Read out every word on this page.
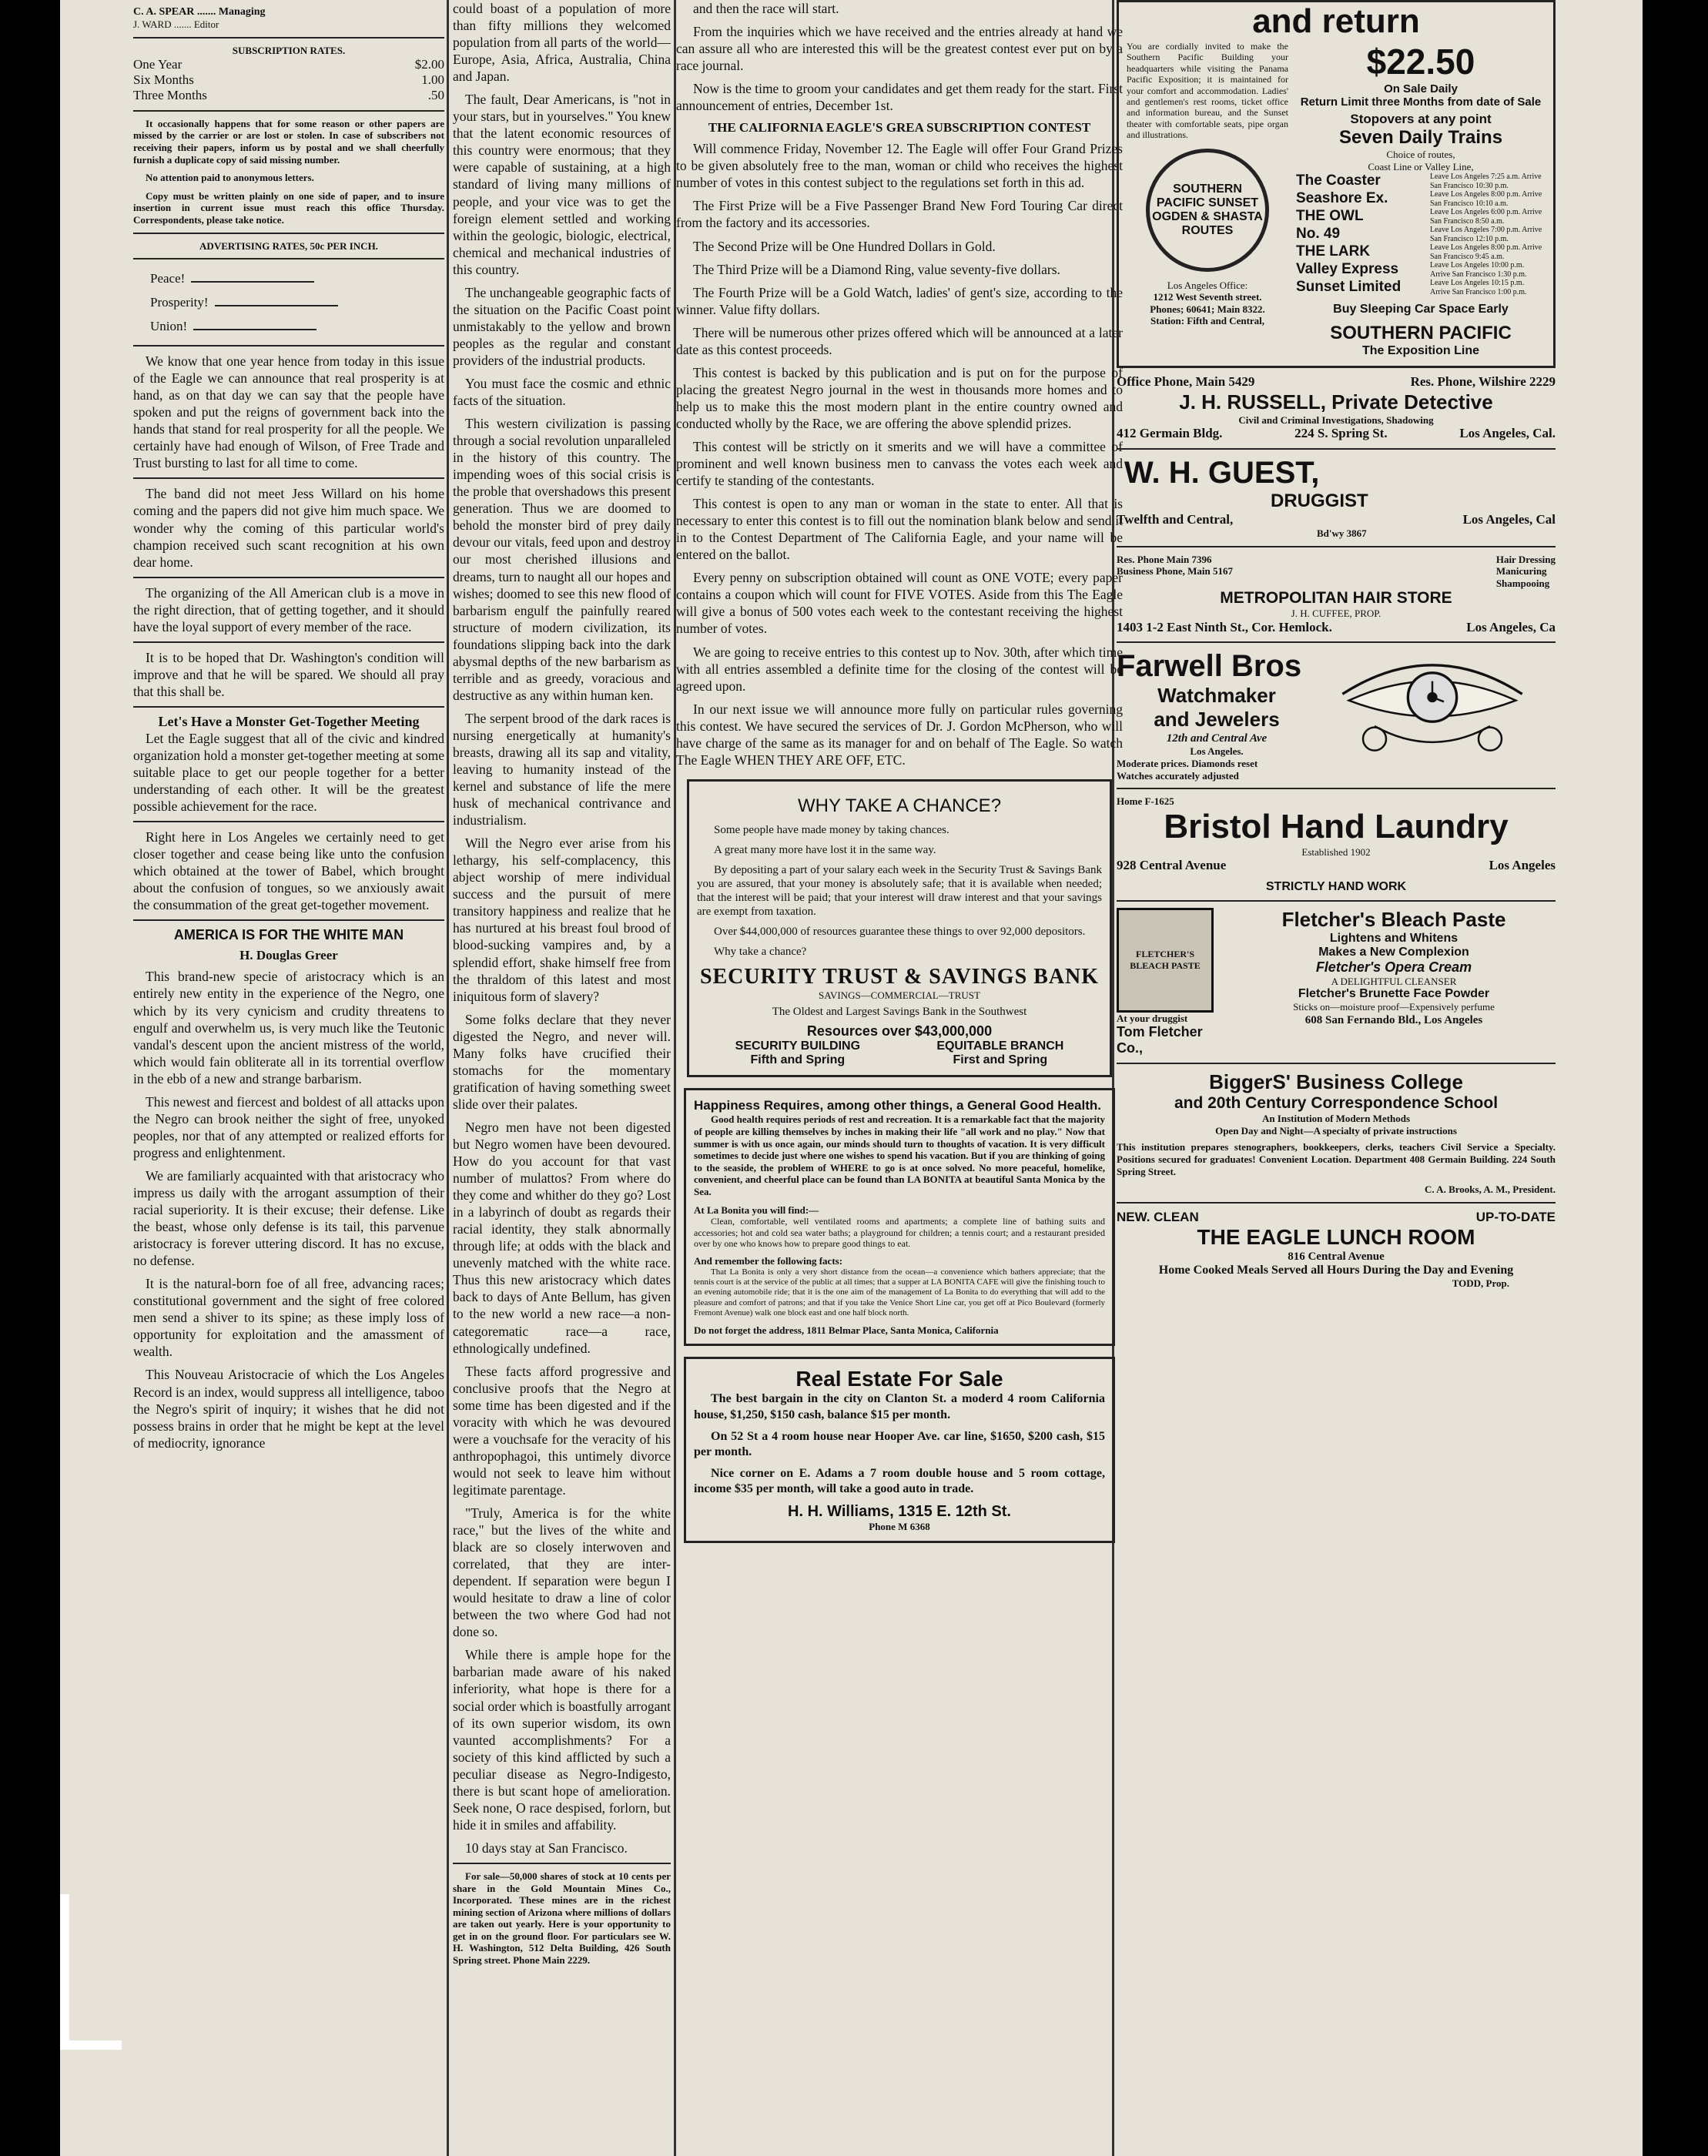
C. A. SPEAR ....... Managing
J. WARD ....... Editor
SUBSCRIPTION RATES.
One Year	$2.00
Six Months	1.00
Three Months	.50

It occasionally happens that for some reason or other papers are missed by the carrier or are lost or stolen. In case of subscribers not receiving their papers, inform us by postal and we shall cheerfully furnish a duplicate copy of said missing number.

No attention paid to anonymous letters.

Copy must be written plainly on one side of paper, and to insure insertion in current issue must reach this office Thursday. Correspondents, please take notice.

ADVERTISING RATES, 50c PER INCH.
Peace!
Prosperity!
Union!

We know that one year hence from today in this issue of the Eagle we can announce that real prosperity is at hand, as on that day we can say that the people have spoken and put the reigns of government back into the hands that stand for real prosperity for all the people. We certainly have had enough of Wilson, of Free Trade and Trust bursting to last for all time to come.

The band did not meet Jess Willard on his home coming and the papers did not give him much space. We wonder why the coming of this particular world's champion received such scant recognition at his own dear home.

The organizing of the All American club is a move in the right direction, that of getting together, and it should have the loyal support of every member of the race.

It is to be hoped that Dr. Washington's condition will improve and that he will be spared. We should all pray that this shall be.

Let's Have a Monster Get-Together Meeting

Let the Eagle suggest that all of the civic and kindred organization hold a monster get-together meeting at some suitable place to get our people together for a better understanding of each other. It will be the greatest possible achievement for the race.

Right here in Los Angeles we certainly need to get closer together and cease being like unto the confusion which obtained at the tower of Babel, which brought about the confusion of tongues, so we anxiously await the consummation of the great get-together movement.

AMERICA IS FOR THE WHITE MAN
H. Douglas Greer

This brand-new specie of aristocracy which is an entirely new entity in the experience of the Negro, one which by its very cynicism and crudity threatens to engulf and overwhelm us, is very much like the Teutonic vandal's descent upon the ancient mistress of the world, which would fain obliterate all in its torrential overflow in the ebb of a new and strange barbarism.

This newest and fiercest and boldest of all attacks upon the Negro can brook neither the sight of free, unyoked peoples, nor that of any attempted or realized efforts for progress and enlightenment.

We are familiarly acquainted with that aristocracy who impress us daily with the arrogant assumption of their racial superiority. It is their excuse; their defense. Like the beast, whose only defense is its tail, this parvenue aristocracy is forever uttering discord. It has no excuse, no defense.

It is the natural-born foe of all free, advancing races; constitutional government and the sight of free colored men send a shiver to its spine; as these imply loss of opportunity for exploitation and the amassment of wealth.

This Nouveau Aristocracie of which the Los Angeles Record is an index, would suppress all intelligence, taboo the Negro's spirit of inquiry; it wishes that he did not possess brains in order that he might be kept at the level of mediocrity, ignorance

could boast of a population of more than fifty millions they welcomed population from all parts of the world—Europe, Asia, Africa, Australia, China and Japan.

The fault, Dear Americans, is "not in your stars, but in yourselves." You knew that the latent economic resources of this country were enormous; that they were capable of sustaining, at a high standard of living many millions of people, and your vice was to get the foreign element settled and working within the geologic, biologic, electrical, chemical and mechanical industries of this country.

The unchangeable geographic facts of the situation on the Pacific Coast point unmistakably to the yellow and brown peoples as the regular and constant providers of the industrial products.

You must face the cosmic and ethnic facts of the situation.

This western civilization is passing through a social revolution unparalleled in the history of this country. The impending woes of this social crisis is the proble that overshadows this present generation. Thus we are doomed to behold the monster bird of prey daily devour our vitals, feed upon and destroy our most cherished illusions and dreams, turn to naught all our hopes and wishes; doomed to see this new flood of barbarism engulf the painfully reared structure of modern civilization, its foundations slipping back into the dark abysmal depths of the new barbarism as terrible and as greedy, voracious and destructive as any within human ken.

The serpent brood of the dark races is nursing energetically at humanity's breasts, drawing all its sap and vitality, leaving to humanity instead of the kernel and substance of life the mere husk of mechanical contrivance and industrialism.

Will the Negro ever arise from his lethargy, his self-complacency, this abject worship of mere individual success and the pursuit of mere transitory happiness and realize that he has nurtured at his breast foul brood of blood-sucking vampires and, by a splendid effort, shake himself free from the thraldom of this latest and most iniquitous form of slavery?

Some folks declare that they never digested the Negro, and never will. Many folks have crucified their stomachs for the momentary gratification of having something sweet slide over their palates.

Negro men have not been digested but Negro women have been devoured. How do you account for that vast number of mulattos? From where do they come and whither do they go? Lost in a labyrinch of doubt as regards their racial identity, they stalk abnormally through life; at odds with the black and unevenly matched with the white race. Thus this new aristocracy which dates back to days of Ante Bellum, has given to the new world a new race—a non-categorematic race—a race, ethnologically undefined.

These facts afford progressive and conclusive proofs that the Negro at some time has been digested and if the voracity with which he was devoured were a vouchsafe for the veracity of his anthropophagoi, this untimely divorce would not seek to leave him without legitimate parentage.

"Truly, America is for the white race," but the lives of the white and black are so closely interwoven and correlated, that they are inter-dependent. If separation were begun I would hesitate to draw a line of color between the two where God had not done so.

While there is ample hope for the barbarian made aware of his naked inferiority, what hope is there for a social order which is boastfully arrogant of its own superior wisdom, its own vaunted accomplishments? For a society of this kind afflicted by such a peculiar disease as Negro-Indigesto, there is but scant hope of amelioration. Seek none, O race despised, forlorn, but hide it in smiles and affability.

10 days stay at San Francisco.

For sale—50,000 shares of stock at 10 cents per share in the Gold Mountain Mines Co., Incorporated. These mines are in the richest mining section of Arizona where millions of dollars are taken out yearly. Here is your opportunity to get in on the ground floor. For particulars see W. H. Washington, 512 Delta Building, 426 South Spring street. Phone Main 2229.

and then the race will start.

From the inquiries which we have received and the entries already at hand we can assure all who are interested this will be the greatest contest ever put on by a race journal.

Now is the time to groom your candidates and get them ready for the start. First announcement of entries, December 1st.

THE CALIFORNIA EAGLE'S GREA SUBSCRIPTION CONTEST

Will commence Friday, November 12. The Eagle will offer Four Grand Prizes to be given absolutely free to the man, woman or child who receives the highest number of votes in this contest subject to the regulations set forth in this ad.

The First Prize will be a Five Passenger Brand New Ford Touring Car direct from the factory and its accessories.

The Second Prize will be One Hundred Dollars in Gold.

The Third Prize will be a Diamond Ring, value seventy-five dollars.

The Fourth Prize will be a Gold Watch, ladies' of gent's size, according to the winner. Value fifty dollars.

There will be numerous other prizes offered which will be announced at a later date as this contest proceeds.

This contest is backed by this publication and is put on for the purpose of placing the greatest Negro journal in the west in thousands more homes and to help us to make this the most modern plant in the entire country owned and conducted wholly by the Race, we are offering the above splendid prizes.

This contest will be strictly on it smerits and we will have a committee of prominent and well known business men to canvass the votes each week and certify te standing of the contestants.

This contest is open to any man or woman in the state to enter. All that is necessary to enter this contest is to fill out the nomination blank below and send it in to the Contest Department of The California Eagle, and your name will be entered on the ballot.

Every penny on subscription obtained will count as ONE VOTE; every paper contains a coupon which will count for FIVE VOTES. Aside from this The Eagle will give a bonus of 500 votes each week to the contestant receiving the highest number of votes.

We are going to receive entries to this contest up to Nov. 30th, after which time with all entries assembled a definite time for the closing of the contest will be agreed upon.

In our next issue we will announce more fully on particular rules governing this contest. We have secured the services of Dr. J. Gordon McPherson, who will have charge of the same as its manager for and on behalf of The Eagle. So watch The Eagle WHEN THEY ARE OFF, ETC.

WHY TAKE A CHANCE?

Some people have made money by taking chances.

A great many more have lost it in the same way.

By depositing a part of your salary each week in the Security Trust & Savings Bank you are assured, that your money is absolutely safe; that it is available when needed; that the interest will be paid; that your interest will draw interest and that your savings are exempt from taxation.

Over $44,000,000 of resources guarantee these things to over 92,000 depositors.

Why take a chance?

SECURITY TRUST & SAVINGS BANK
SAVINGS—COMMERCIAL—TRUST
The Oldest and Largest Savings Bank in the Southwest
Resources over $43,000,000
SECURITY BUILDING
Fifth and Spring
EQUITABLE BRANCH
First and Spring
Happiness Requires, among other things, a General Good Health.

Good health requires periods of rest and recreation. It is a remarkable fact that the majority of people are killing themselves by inches in making their life "all work and no play." Now that summer is with us once again, our minds should turn to thoughts of vacation. It is very difficult sometimes to decide just where one wishes to spend his vacation. But if you are thinking of going to the seaside, the problem of WHERE to go is at once solved. No more peaceful, homelike, convenient, and cheerful place can be found than LA BONITA at beautiful Santa Monica by the Sea.

At La Bonita you will find:—

Clean, comfortable, well ventilated rooms and apartments; a complete line of bathing suits and accessories; hot and cold sea water baths; a playground for children; a tennis court; and a restaurant presided over by one who knows how to prepare good things to eat.

And remember the following facts:

That La Bonita is only a very short distance from the ocean—a convenience which bathers appreciate; that the tennis court is at the service of the public at all times; that a supper at LA BONITA CAFE will give the finishing touch to an evening automobile ride; that it is the one aim of the management of La Bonita to do everything that will add to the pleasure and comfort of patrons; and that if you take the Venice Short Line car, you get off at Pico Boulevard (formerly Fremont Avenue) walk one block east and one half block north.

Do not forget the address, 1811 Belmar Place, Santa Monica, California
Real Estate For Sale

The best bargain in the city on Clanton St. a moderd 4 room California house, $1,250, $150 cash, balance $15 per month.

On 52 St a 4 room house near Hooper Ave. car line, $1650, $200 cash, $15 per month.

Nice corner on E. Adams a 7 room double house and 5 room cottage, income $35 per month, will take a good auto in trade.

H. H. Williams, 1315 E. 12th St.
Phone M 6368
and return

You are cordially invited to make the Southern Pacific Building your headquarters while visiting the Panama Pacific Exposition; it is maintained for your comfort and accommodation. Ladies' and gentlemen's rest rooms, ticket office and information bureau, and the Sunset theater with comfortable seats, pipe organ and illustrations.

SOUTHERN PACIFIC SUNSET OGDEN & SHASTA ROUTES
Los Angeles Office:
1212 West Seventh street.
Phones; 60641; Main 8322.
Station: Fifth and Central,
$22.50
On Sale Daily
Return Limit three Months from date of Sale
Stopovers at any point
Seven Daily Trains
Choice of routes,
Coast Line or Valley Line,
The Coaster	Leave Los Angeles 7:25 a.m. Arrive San Francisco 10:30 p.m.
Seashore Ex.	Leave Los Angeles 8:00 p.m. Arrive San Francisco 10:10 a.m.
THE OWL	Leave Los Angeles 6:00 p.m. Arrive San Francisco 8:50 a.m.
No. 49	Leave Los Angeles 7:00 p.m. Arrive San Francisco 12:10 p.m.
THE LARK	Leave Los Angeles 8:00 p.m. Arrive San Francisco 9:45 a.m.
Valley Express	Leave Los Angeles 10:00 p.m. Arrive San Francisco 1:30 p.m.
Sunset Limited	Leave Los Angeles 10:15 p.m. Arrive San Francisco 1:00 p.m.
Buy Sleeping Car Space Early
SOUTHERN PACIFIC
The Exposition Line
Office Phone, Main 5429	Res. Phone, Wilshire 2229
J. H. RUSSELL, Private Detective
Civil and Criminal Investigations, Shadowing
412 Germain Bldg.	224 S. Spring St.	Los Angeles, Cal.
W. H. GUEST,
DRUGGIST
Twelfth and Central,	Los Angeles, Cal
Bd'wy 3867
Res. Phone Main 7396
Business Phone, Main 5167
Hair Dressing
Manicuring
Shampooing
METROPOLITAN HAIR STORE
J. H. CUFFEE, PROP.
1403 1-2 East Ninth St., Cor. Hemlock.	Los Angeles, Ca
Farwell Bros
Watchmaker
and Jewelers
12th and Central Ave
Los Angeles.
Moderate prices. Diamonds reset
Watches accurately adjusted
Home F-1625
Bristol Hand Laundry
Established 1902
928 Central Avenue	Los Angeles
STRICTLY HAND WORK
FLETCHER'S BLEACH PASTE
At your druggist
Tom Fletcher Co.,
Fletcher's Bleach Paste
Lightens and Whitens
Makes a New Complexion
Fletcher's Opera Cream
A DELIGHTFUL CLEANSER
Fletcher's Brunette Face Powder
Sticks on—moisture proof—Expensively perfume
608 San Fernando Bld., Los Angeles
BiggerS' Business College
and 20th Century Correspondence School
An Institution of Modern Methods
Open Day and Night—A specialty of private instructions

This institution prepares stenographers, bookkeepers, clerks, teachers Civil Service a Specialty. Positions secured for graduates! Convenient Location. Department 408 Germain Building. 224 South Spring Street.

C. A. Brooks, A. M., President.
NEW. CLEAN	UP-TO-DATE
THE EAGLE LUNCH ROOM
816 Central Avenue
Home Cooked Meals Served all Hours During the Day and Evening
TODD, Prop.
